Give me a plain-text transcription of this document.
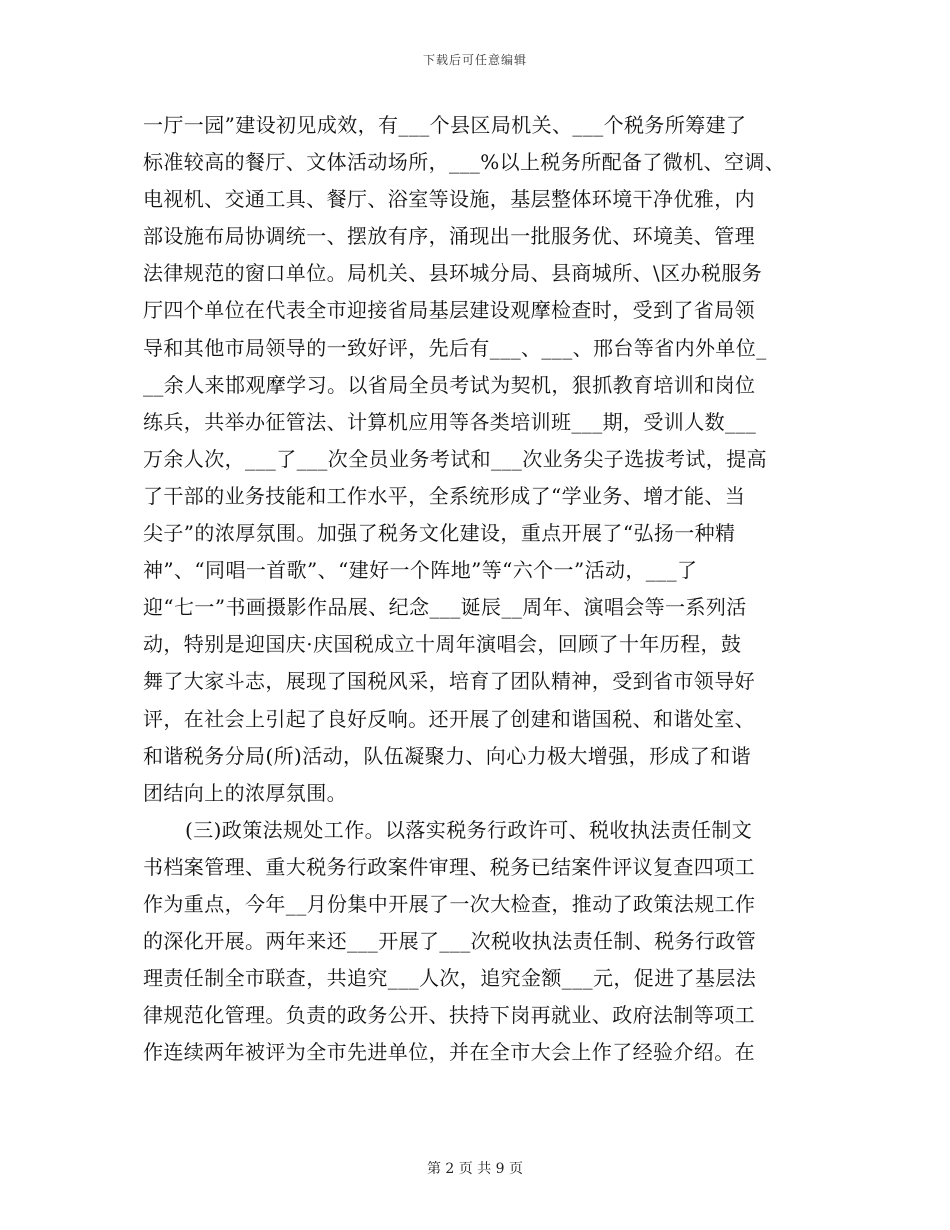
下载后可任意编辑
一厅一园”建设初见成效，有___个县区局机关、___个税务所筹建了
标准较高的餐厅、文体活动场所，___%以上税务所配备了微机、空调、
电视机、交通工具、餐厅、浴室等设施，基层整体环境干净优雅，内
部设施布局协调统一、摆放有序，涌现出一批服务优、环境美、管理
法律规范的窗口单位。局机关、县环城分局、县商城所、\区办税服务
厅四个单位在代表全市迎接省局基层建设观摩检查时，受到了省局领
导和其他市局领导的一致好评，先后有___、___、邢台等省内外单位_
__余人来邯观摩学习。以省局全员考试为契机，狠抓教育培训和岗位
练兵，共举办征管法、计算机应用等各类培训班___期，受训人数___
万余人次，___了___次全员业务考试和___次业务尖子选拔考试，提高
了干部的业务技能和工作水平，全系统形成了“学业务、增才能、当
尖子”的浓厚氛围。加强了税务文化建设，重点开展了“弘扬一种精
神”、“同唱一首歌”、“建好一个阵地”等“六个一”活动，___了
迎“七一”书画摄影作品展、纪念___诞辰__周年、演唱会等一系列活
动，特别是迎国庆·庆国税成立十周年演唱会，回顾了十年历程，鼓
舞了大家斗志，展现了国税风采，培育了团队精神，受到省市领导好
评，在社会上引起了良好反响。还开展了创建和谐国税、和谐处室、
和谐税务分局(所)活动，队伍凝聚力、向心力极大增强，形成了和谐
团结向上的浓厚氛围。
(三)政策法规处工作。以落实税务行政许可、税收执法责任制文
书档案管理、重大税务行政案件审理、税务已结案件评议复查四项工
作为重点，今年__月份集中开展了一次大检查，推动了政策法规工作
的深化开展。两年来还___开展了___次税收执法责任制、税务行政管
理责任制全市联查，共追究___人次，追究金额___元，促进了基层法
律规范化管理。负责的政务公开、扶持下岗再就业、政府法制等项工
作连续两年被评为全市先进单位，并在全市大会上作了经验介绍。在
第 2 页 共 9 页
